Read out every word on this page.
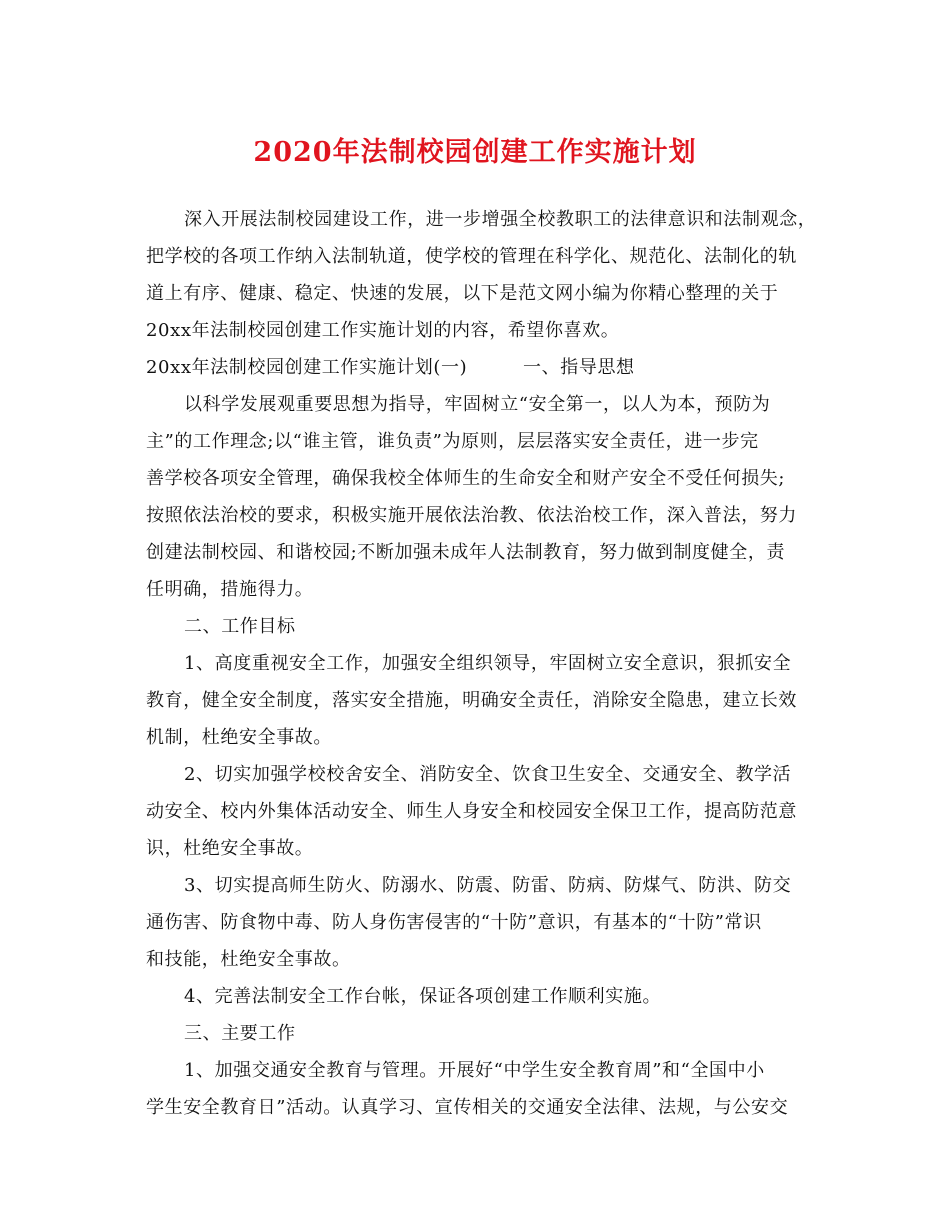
2020年法制校园创建工作实施计划
深入开展法制校园建设工作，进一步增强全校教职工的法律意识和法制观念，
把学校的各项工作纳入法制轨道，使学校的管理在科学化、规范化、法制化的轨
道上有序、健康、稳定、快速的发展，以下是范文网小编为你精心整理的关于
20xx年法制校园创建工作实施计划的内容，希望你喜欢。
20xx年法制校园创建工作实施计划(一)　　　一、指导思想
以科学发展观重要思想为指导，牢固树立“安全第一，以人为本，预防为
主”的工作理念;以“谁主管，谁负责”为原则，层层落实安全责任，进一步完
善学校各项安全管理，确保我校全体师生的生命安全和财产安全不受任何损失;
按照依法治校的要求，积极实施开展依法治教、依法治校工作，深入普法，努力
创建法制校园、和谐校园;不断加强未成年人法制教育，努力做到制度健全，责
任明确，措施得力。
二、工作目标
1、高度重视安全工作，加强安全组织领导，牢固树立安全意识，狠抓安全
教育，健全安全制度，落实安全措施，明确安全责任，消除安全隐患，建立长效
机制，杜绝安全事故。
2、切实加强学校校舍安全、消防安全、饮食卫生安全、交通安全、教学活
动安全、校内外集体活动安全、师生人身安全和校园安全保卫工作，提高防范意
识，杜绝安全事故。
3、切实提高师生防火、防溺水、防震、防雷、防病、防煤气、防洪、防交
通伤害、防食物中毒、防人身伤害侵害的“十防”意识，有基本的“十防”常识
和技能，杜绝安全事故。
4、完善法制安全工作台帐，保证各项创建工作顺利实施。
三、主要工作
1、加强交通安全教育与管理。开展好“中学生安全教育周”和“全国中小
学生安全教育日”活动。认真学习、宣传相关的交通安全法律、法规，与公安交
